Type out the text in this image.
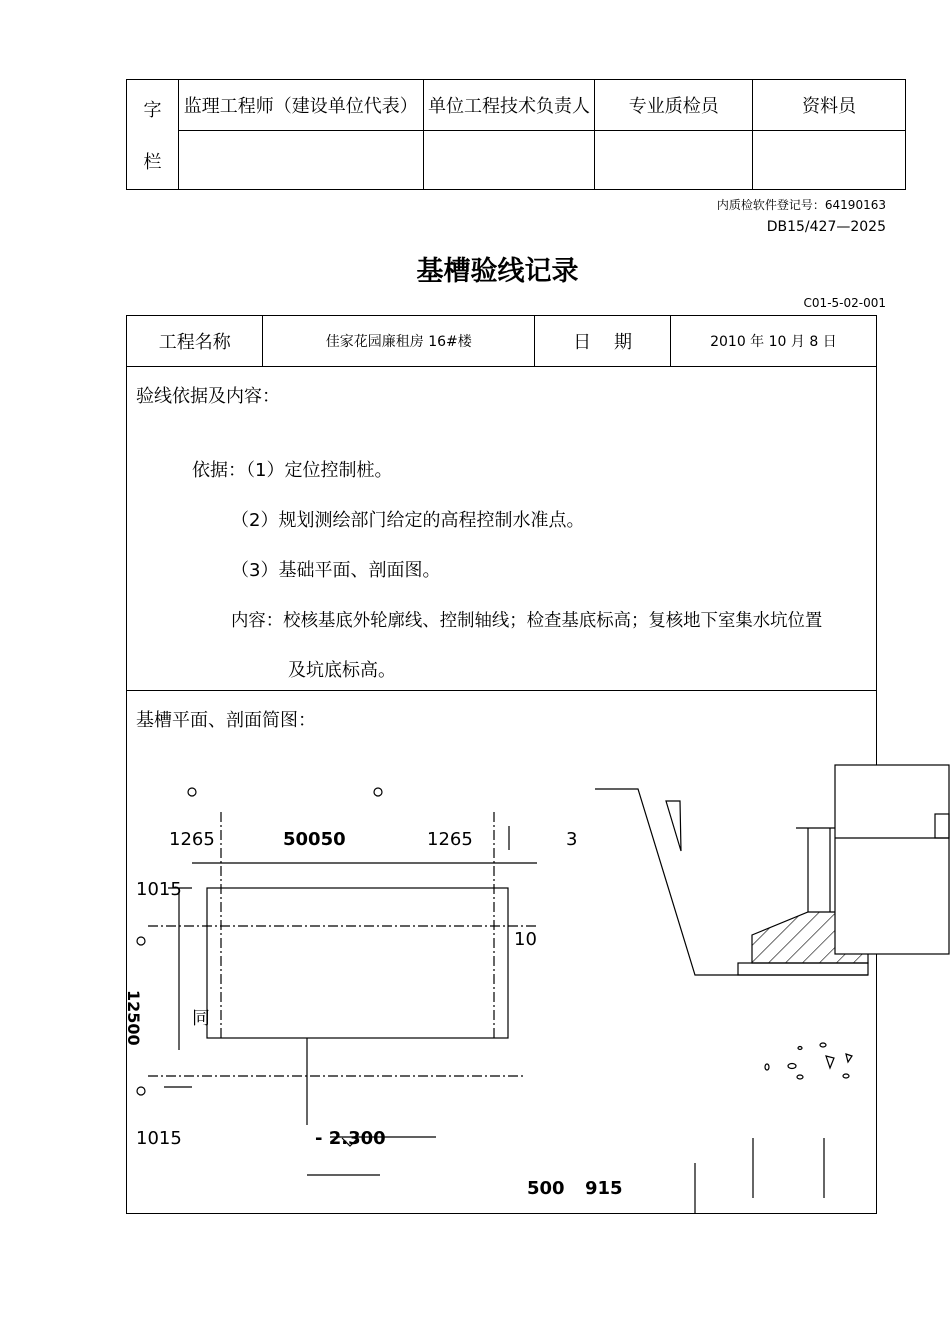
字
栏	监理工程师（建设单位代表）	单位工程技术负责人	专业质检员	资料员

内质检软件登记号：64190163
DB15/427—2025
基槽验线记录
C01-5-02-001
工程名称	佳家花园廉租房 16#楼	日    期	2010 年 10 月 8 日

验线依据及内容：
依据：（1）定位控制桩。
（2）规划测绘部门给定的高程控制水准点。
（3）基础平面、剖面图。
内容：校核基底外轮廓线、控制轴线；检查基底标高；复核地下室集水坑位置
及坑底标高。
基槽平面、剖面简图：
1265	50050	1265	3
1015
10
12500	同
1015	- 2.300
500 915
